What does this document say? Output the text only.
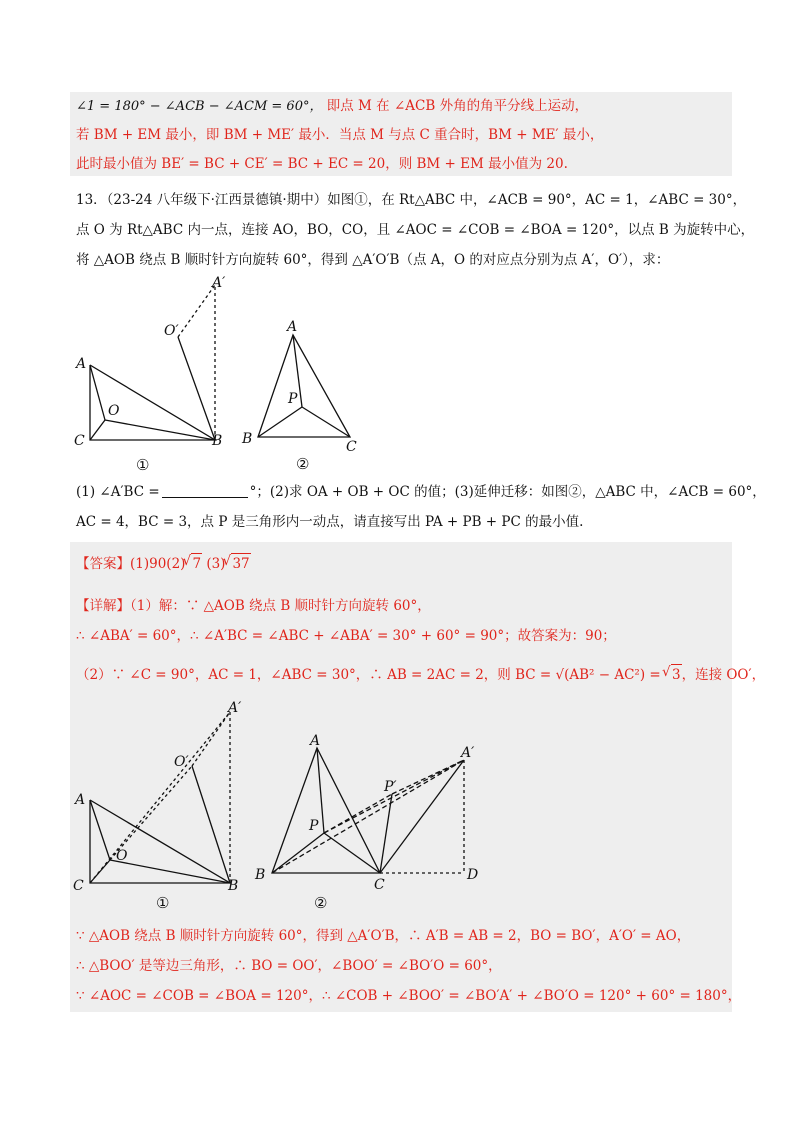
∠1 = 180° − ∠ACB − ∠ACM = 60°， 即点 M 在 ∠ACB 外角的角平分线上运动，
若 BM + EM 最小，即 BM + ME′ 最小．当点 M 与点 C 重合时，BM + ME′ 最小，
此时最小值为 BE′ = BC + CE′ = BC + EC = 20，则 BM + EM 最小值为 20.
13．（23-24 八年级下·江西景德镇·期中）如图①，在 Rt△ABC 中，∠ACB = 90°，AC = 1，∠ABC = 30°，
点 O 为 Rt△ABC 内一点，连接 AO，BO，CO，且 ∠AOC = ∠COB = ∠BOA = 120°，以点 B 为旋转中心，
将 △AOB 绕点 B 顺时针方向旋转 60°，得到 △A′O′B（点 A，O 的对应点分别为点 A′，O′），求：
A
C	B
O
O′
A′
①
A
B	C
P
②
(1) ∠A′BC =	°；(2)求 OA + OB + OC 的值；(3)延伸迁移：如图②，△ABC 中，∠ACB = 60°，
AC = 4，BC = 3，点 P 是三角形内一动点，请直接写出 PA + PB + PC 的最小值.
【答案】(1)90(2) √ 7 (3) √ 37
【详解】（1）解：∵ △AOB 绕点 B 顺时针方向旋转 60°，
∴ ∠ABA′ = 60°，∴ ∠A′BC = ∠ABC + ∠ABA′ = 30° + 60° = 90°；故答案为：90；
（2）∵ ∠C = 90°，AC = 1，∠ABC = 30°，∴ AB = 2AC = 2，则 BC = √(AB² − AC²) = √ 3，连接 OO′，
A
C	B
O
O′
A′
①
A
B
C
P
P′
A′
D
②
∵ △AOB 绕点 B 顺时针方向旋转 60°，得到 △A′O′B，∴ A′B = AB = 2，BO = BO′，A′O′ = AO，
∴ △BOO′ 是等边三角形，∴ BO = OO′，∠BOO′ = ∠BO′O = 60°，
∵ ∠AOC = ∠COB = ∠BOA = 120°，∴ ∠COB + ∠BOO′ = ∠BO′A′ + ∠BO′O = 120° + 60° = 180°，
